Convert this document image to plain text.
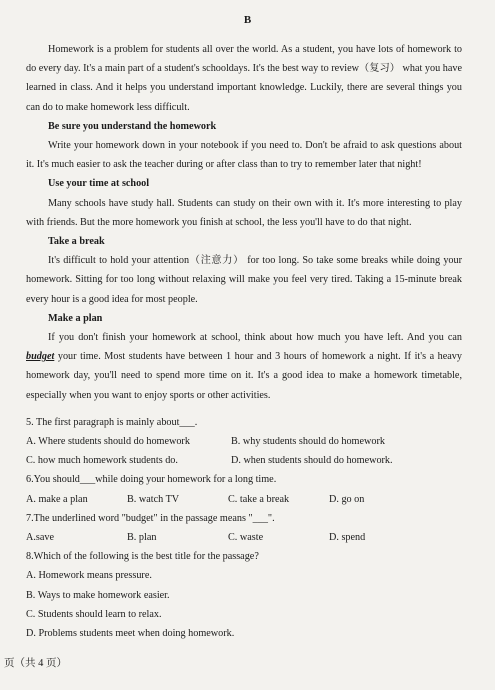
B

Homework is a problem for students all over the world. As a student, you have lots of homework to do every day. It's a main part of a student's schooldays. It's the best way to review（复习） what you have learned in class. And it helps you understand important knowledge. Luckily, there are several things you can do to make homework less difficult.

Be sure you understand the homework

Write your homework down in your notebook if you need to. Don't be afraid to ask questions about it. It's much easier to ask the teacher during or after class than to try to remember later that night!

Use your time at school

Many schools have study hall. Students can study on their own with it. It's more interesting to play with friends. But the more homework you finish at school, the less you'll have to do that night.

Take a break

It's difficult to hold your attention（注意力） for too long. So take some breaks while doing your homework. Sitting for too long without relaxing will make you feel very tired. Taking a 15-minute break every hour is a good idea for most people.

Make a plan

If you don't finish your homework at school, think about how much you have left. And you can budget your time. Most students have between 1 hour and 3 hours of homework a night. If it's a heavy homework day, you'll need to spend more time on it. It's a good idea to make a homework timetable, especially when you want to enjoy sports or other activities.

5. The first paragraph is mainly about___.

A. Where students should do homework	B. why students should do homework
C. how much homework students do.	D. when students should do homework.

6.You should___while doing your homework for a long time.

A. make a plan	B. watch TV	C. take a break	D. go on

7.The underlined word "budget" in the passage means "___".

A.save	B. plan	C. waste	D. spend

8.Which of the following is the best title for the passage?

A. Homework means pressure.

B. Ways to make homework easier.

C. Students should learn to relax.

D. Problems students meet when doing homework.

页（共 4 页）
